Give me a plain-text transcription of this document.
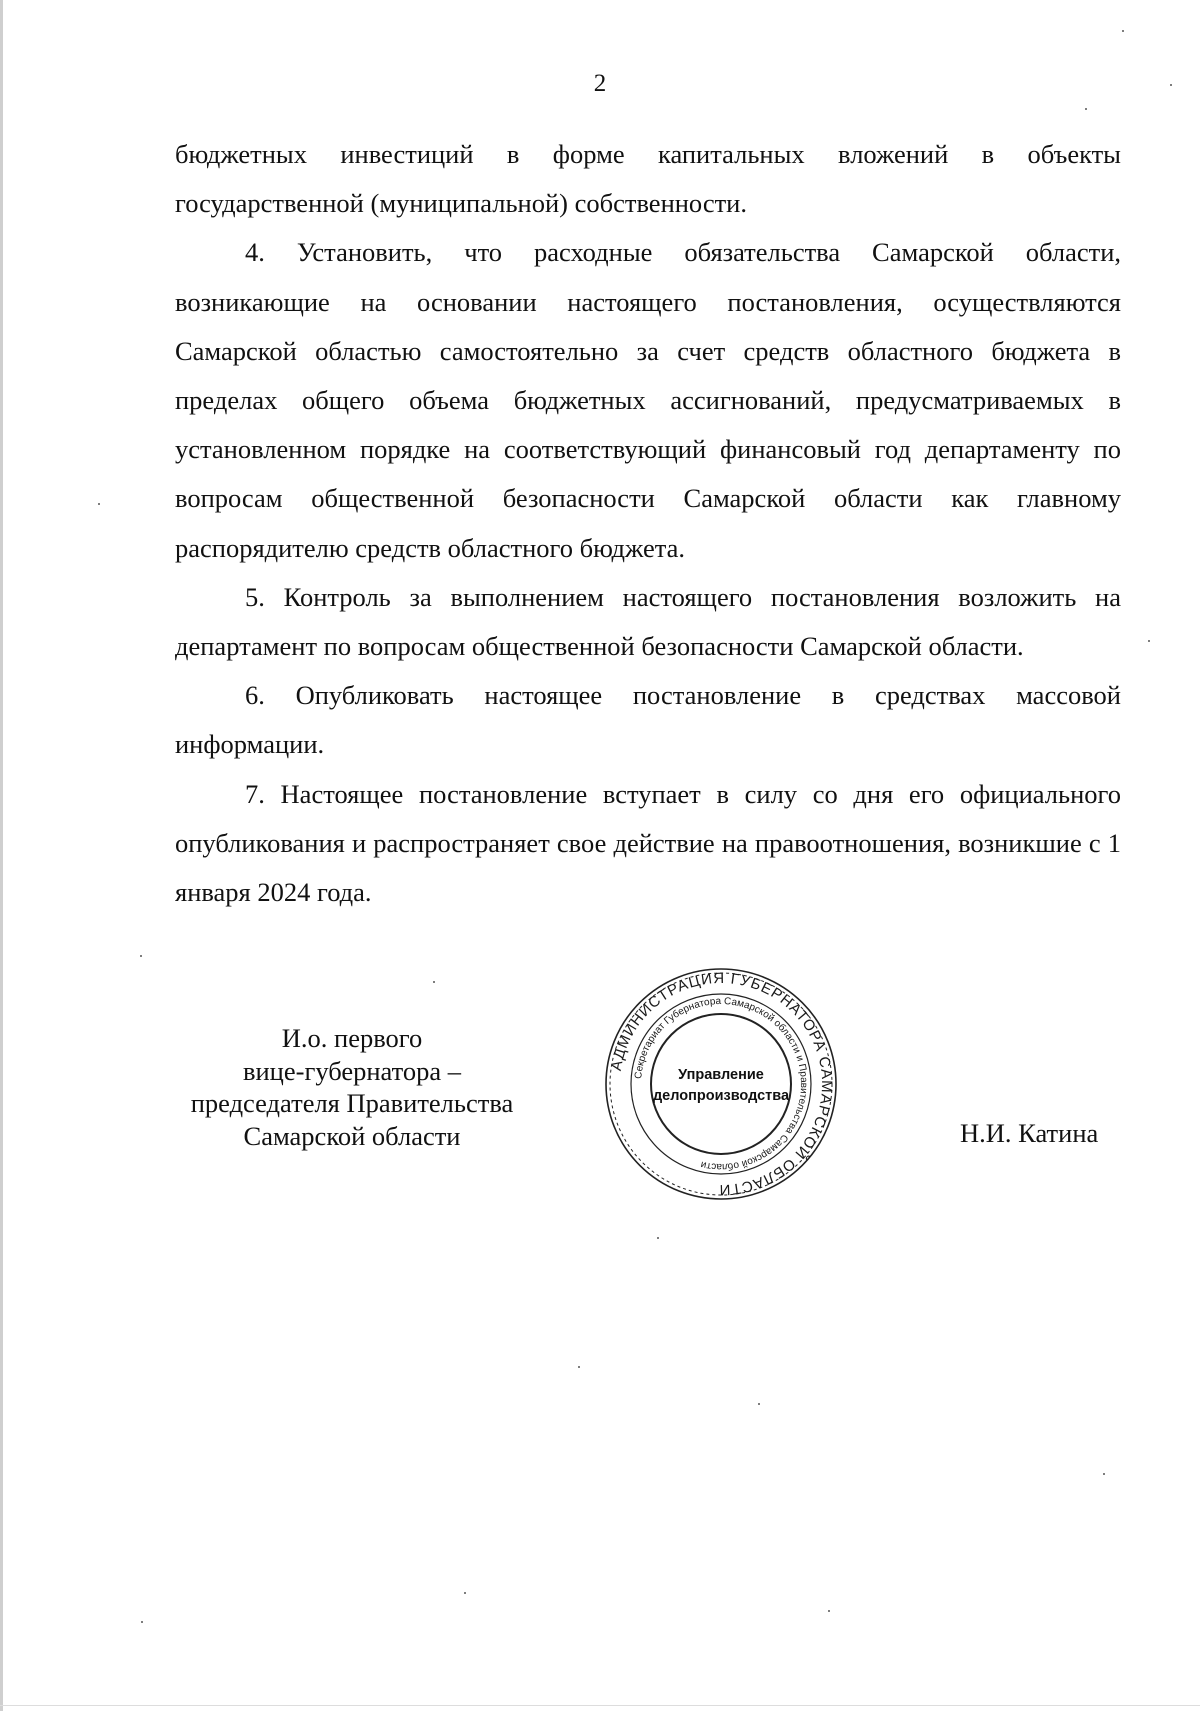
2

бюджетных инвестиций в форме капитальных вложений в объекты государственной (муниципальной) собственности.

4. Установить, что расходные обязательства Самарской области, возникающие на основании настоящего постановления, осуществляются Самарской областью самостоятельно за счет средств областного бюджета в пределах общего объема бюджетных ассигнований, предусматриваемых в установленном порядке на соответствующий финансовый год департаменту по вопросам общественной безопасности Самарской области как главному распорядителю средств областного бюджета.

5. Контроль за выполнением настоящего постановления возложить на департамент по вопросам общественной безопасности Самарской области.

6. Опубликовать настоящее постановление в средствах массовой информации.

7. Настоящее постановление вступает в силу со дня его официального опубликования и распространяет свое действие на правоотношения, возникшие с 1 января 2024 года.

И.о. первого
вице-губернатора –
председателя Правительства
Самарской области
АДМИНИСТРАЦИЯ ГУБЕРНАТОРА САМАРСКОЙ ОБЛАСТИ
Секретариат Губернатора Самарской области и Правительства Самарской области
Управление
делопроизводства
Н.И. Катина
